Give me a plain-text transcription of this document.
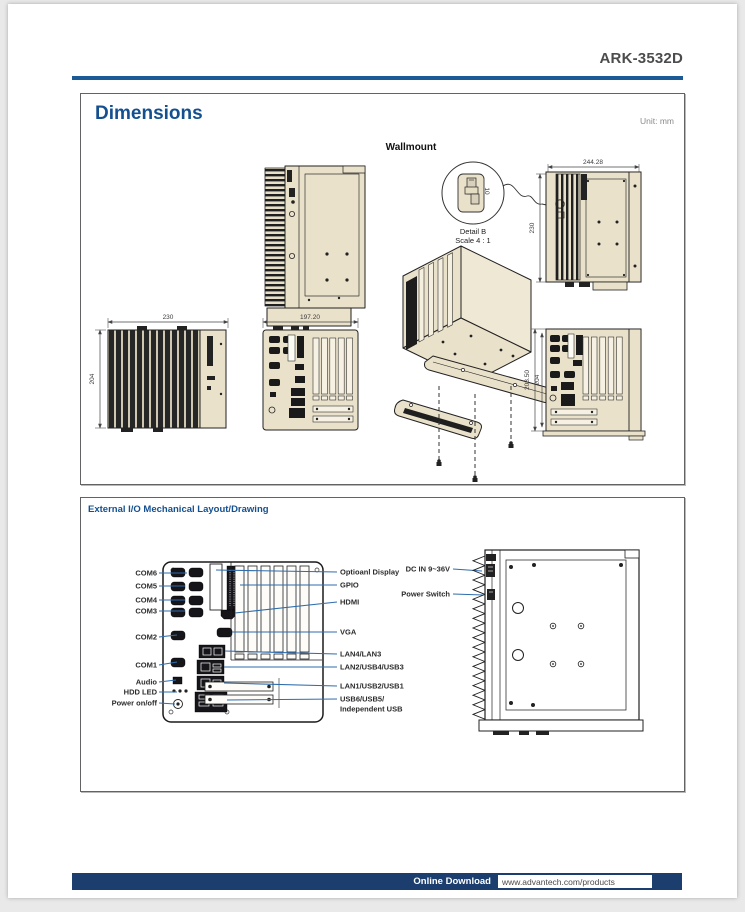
ARK-3532D
Dimensions	Unit: mm
Wallmount
10
Detail B
Scale 4 : 1
244.28
230
230
204
197.20
208.50 204
External I/O Mechanical Layout/Drawing
COM6
COM5
COM4
COM3
COM2
COM1
Audio
HDD LED
Power on/off
Optioanl Display
GPIO
HDMI
VGA
LAN4/LAN3
LAN2/USB4/USB3
LAN1/USB2/USB1
USB6/USB5/
Independent USB
DC IN 9~36V
Power Switch
Online Download www.advantech.com/products
